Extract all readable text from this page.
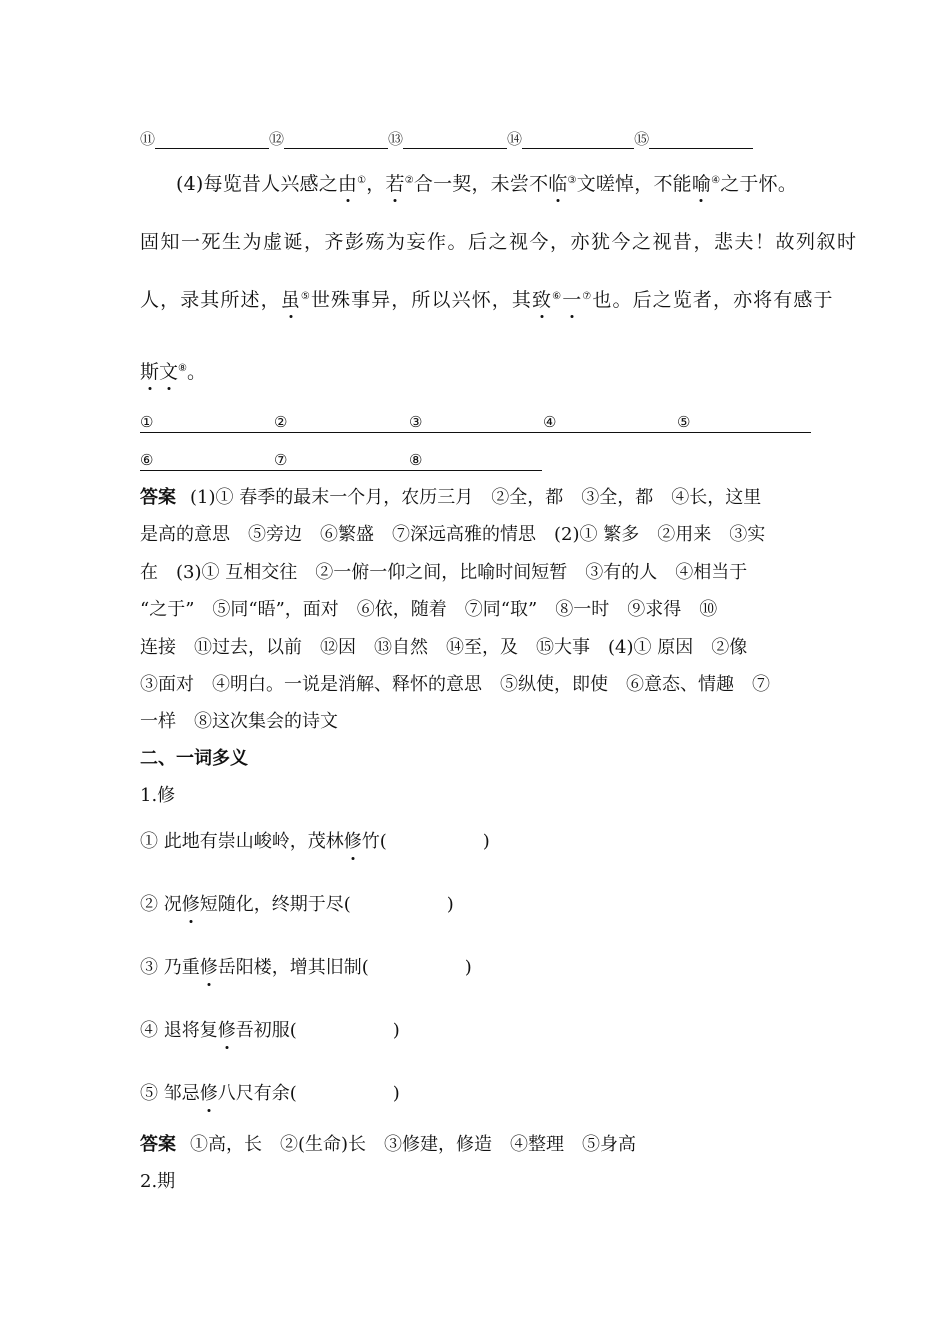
⑪	⑫	⑬	⑭	⑮
(4)每览昔人兴感之由①，若②合一契，未尝不临③文嗟悼，不能喻④之于怀。
固知一死生为虚诞，齐彭殇为妄作。后之视今，亦犹今之视昔，悲夫！故列叙时
人，录其所述，虽⑤世殊事异，所以兴怀，其致⑥一⑦也。后之览者，亦将有感于
斯文⑧。
①	②	③	④	⑤
⑥	⑦	⑧
答案 (1)① 春季的最末一个月，农历三月　②全，都　③全，都　④长，这里
是高的意思　⑤旁边　⑥繁盛　⑦深远高雅的情思　(2)① 繁多　②用来　③实
在　(3)① 互相交往　②一俯一仰之间，比喻时间短暂　③有的人　④相当于
“之于”　⑤同“晤”，面对　⑥依，随着　⑦同“取”　⑧一时　⑨求得　⑩
连接　⑪过去，以前　⑫因　⑬自然　⑭至，及　⑮大事　(4)① 原因　②像
③面对　④明白。一说是消解、释怀的意思　⑤纵使，即使　⑥意态、情趣　⑦
一样　⑧这次集会的诗文
二、一词多义
1.修
① 此地有崇山峻岭，茂林修竹(	)
② 况修短随化，终期于尽(	)
③ 乃重修岳阳楼，增其旧制(	)
④ 退将复修吾初服(	)
⑤ 邹忌修八尺有余(	)
答案 ①高，长　②(生命)长　③修建，修造　④整理　⑤身高
2.期
